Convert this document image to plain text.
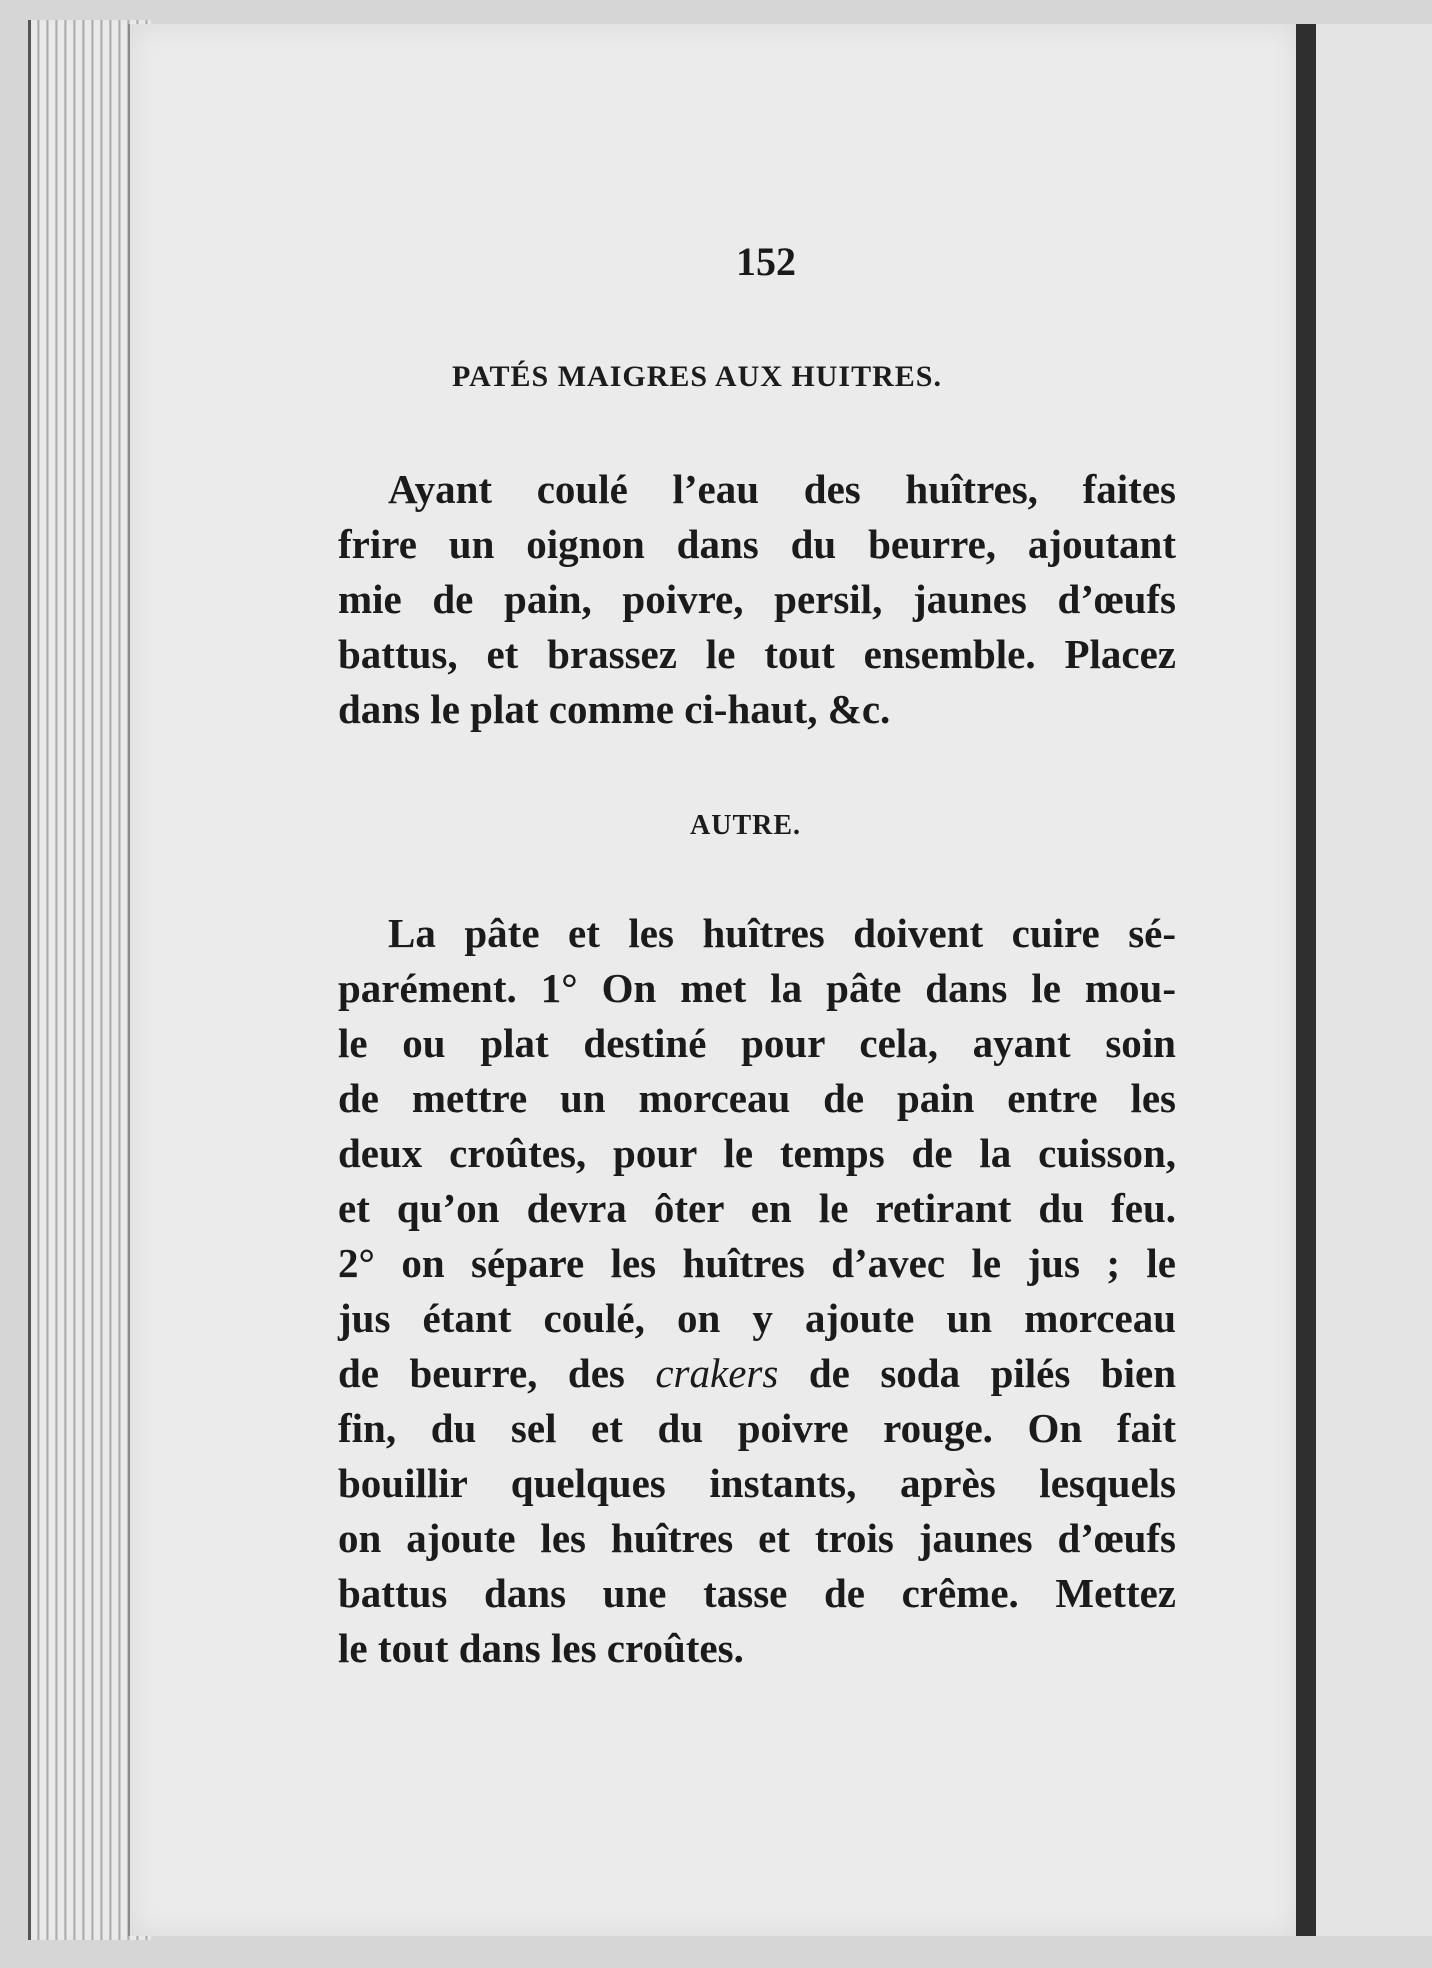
152
PATÉS MAIGRES AUX HUITRES.
Ayant coulé l’eau des huîtres, faites
frire un oignon dans du beurre, ajoutant
mie de pain, poivre, persil, jaunes d’œufs
battus, et brassez le tout ensemble. Placez
dans le plat comme ci-haut, &c.
AUTRE.
La pâte et les huîtres doivent cuire sé-
parément. 1° On met la pâte dans le mou-
le ou plat destiné pour cela, ayant soin
de mettre un morceau de pain entre les
deux croûtes, pour le temps de la cuisson,
et qu’on devra ôter en le retirant du feu.
2° on sépare les huîtres d’avec le jus ; le
jus étant coulé, on y ajoute un morceau
de beurre, des crakers de soda pilés bien
fin, du sel et du poivre rouge. On fait
bouillir quelques instants, après lesquels
on ajoute les huîtres et trois jaunes d’œufs
battus dans une tasse de crême. Mettez
le tout dans les croûtes.
